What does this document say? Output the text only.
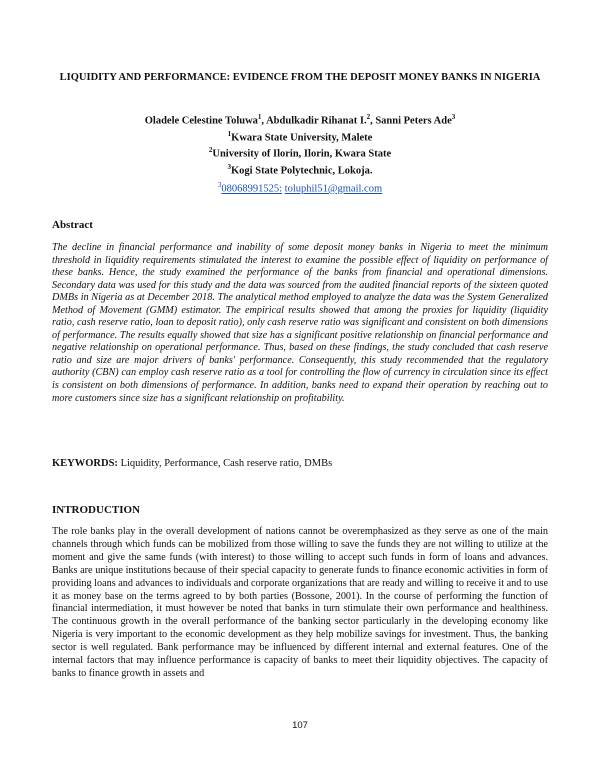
LIQUIDITY AND PERFORMANCE: EVIDENCE FROM THE DEPOSIT MONEY BANKS IN NIGERIA
Oladele Celestine Toluwa$^1$, Abdulkadir Rihanat I.$^2$, Sanni Peters Ade$^3$
$^1$Kwara State University, Malete
$^2$University of Ilorin, Ilorin, Kwara State
$^3$Kogi State Polytechnic, Lokoja.
$^3$08068991525: toluphil51@gmail.com
Abstract
The decline in financial performance and inability of some deposit money banks in Nigeria to meet the minimum threshold in liquidity requirements stimulated the interest to examine the possible effect of liquidity on performance of these banks. Hence, the study examined the performance of the banks from financial and operational dimensions. Secondary data was used for this study and the data was sourced from the audited financial reports of the sixteen quoted DMBs in Nigeria as at December 2018. The analytical method employed to analyze the data was the System Generalized Method of Movement (GMM) estimator. The empirical results showed that among the proxies for liquidity (liquidity ratio, cash reserve ratio, loan to deposit ratio), only cash reserve ratio was significant and consistent on both dimensions of performance. The results equally showed that size has a significant positive relationship on financial performance and negative relationship on operational performance. Thus, based on these findings, the study concluded that cash reserve ratio and size are major drivers of banks' performance. Consequently, this study recommended that the regulatory authority (CBN) can employ cash reserve ratio as a tool for controlling the flow of currency in circulation since its effect is consistent on both dimensions of performance. In addition, banks need to expand their operation by reaching out to more customers since size has a significant relationship on profitability.
KEYWORDS: Liquidity, Performance, Cash reserve ratio, DMBs
INTRODUCTION
The role banks play in the overall development of nations cannot be overemphasized as they serve as one of the main channels through which funds can be mobilized from those willing to save the funds they are not willing to utilize at the moment and give the same funds (with interest) to those willing to accept such funds in form of loans and advances. Banks are unique institutions because of their special capacity to generate funds to finance economic activities in form of providing loans and advances to individuals and corporate organizations that are ready and willing to receive it and to use it as money base on the terms agreed to by both parties (Bossone, 2001). In the course of performing the function of financial intermediation, it must however be noted that banks in turn stimulate their own performance and healthiness. The continuous growth in the overall performance of the banking sector particularly in the developing economy like Nigeria is very important to the economic development as they help mobilize savings for investment. Thus, the banking sector is well regulated. Bank performance may be influenced by different internal and external features. One of the internal factors that may influence performance is capacity of banks to meet their liquidity objectives. The capacity of banks to finance growth in assets and
107
